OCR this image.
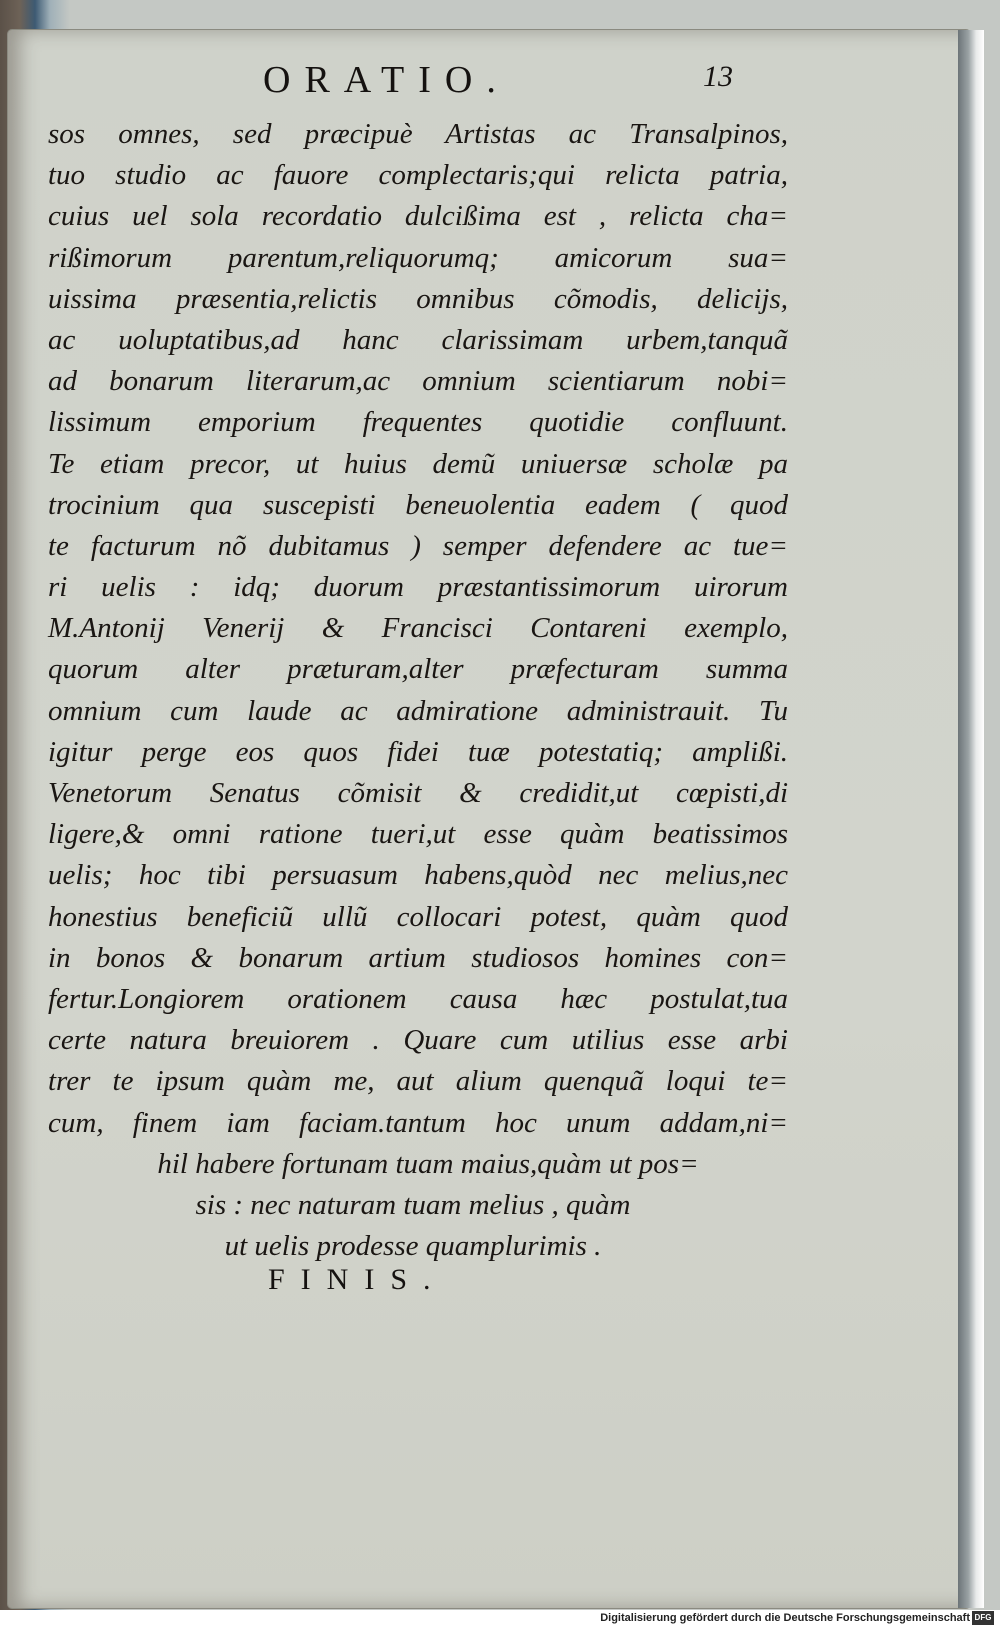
ORATIO.	13
sos omnes, sed præcipuè Artistas ac Transalpinos,
tuo studio ac fauore complectaris;qui relicta patria,
cuius uel sola recordatio dulcißima est , relicta cha=
rißimorum parentum,reliquorumq; amicorum sua=
uissima præsentia,relictis omnibus cõmodis, delicijs,
ac uoluptatibus,ad hanc clarissimam urbem,tanquã
ad bonarum literarum,ac omnium scientiarum nobi=
lissimum emporium frequentes quotidie confluunt.
Te etiam precor, ut huius demũ uniuersæ scholæ pa
trocinium qua suscepisti beneuolentia eadem ( quod
te facturum nõ dubitamus ) semper defendere ac tue=
ri uelis : idq; duorum præstantissimorum uirorum
M.Antonij Venerij & Francisci Contareni exemplo,
quorum alter præturam,alter præfecturam summa
omnium cum laude ac admiratione administrauit. Tu
igitur perge eos quos fidei tuæ potestatiq; amplißi.
Venetorum Senatus cõmisit & credidit,ut cœpisti,di
ligere,& omni ratione tueri,ut esse quàm beatissimos
uelis; hoc tibi persuasum habens,quòd nec melius,nec
honestius beneficiũ ullũ collocari potest, quàm quod
in bonos & bonarum artium studiosos homines con=
fertur.Longiorem orationem causa hæc postulat,tua
certe natura breuiorem . Quare cum utilius esse arbi
trer te ipsum quàm me, aut alium quenquã loqui te=
cum, finem iam faciam.tantum hoc unum addam,ni=
hil habere fortunam tuam maius,quàm ut pos=
sis : nec naturam tuam melius , quàm
ut uelis prodesse quamplurimis .
FINIS.
Digitalisierung gefördert durch die Deutsche Forschungsgemeinschaft DFG
